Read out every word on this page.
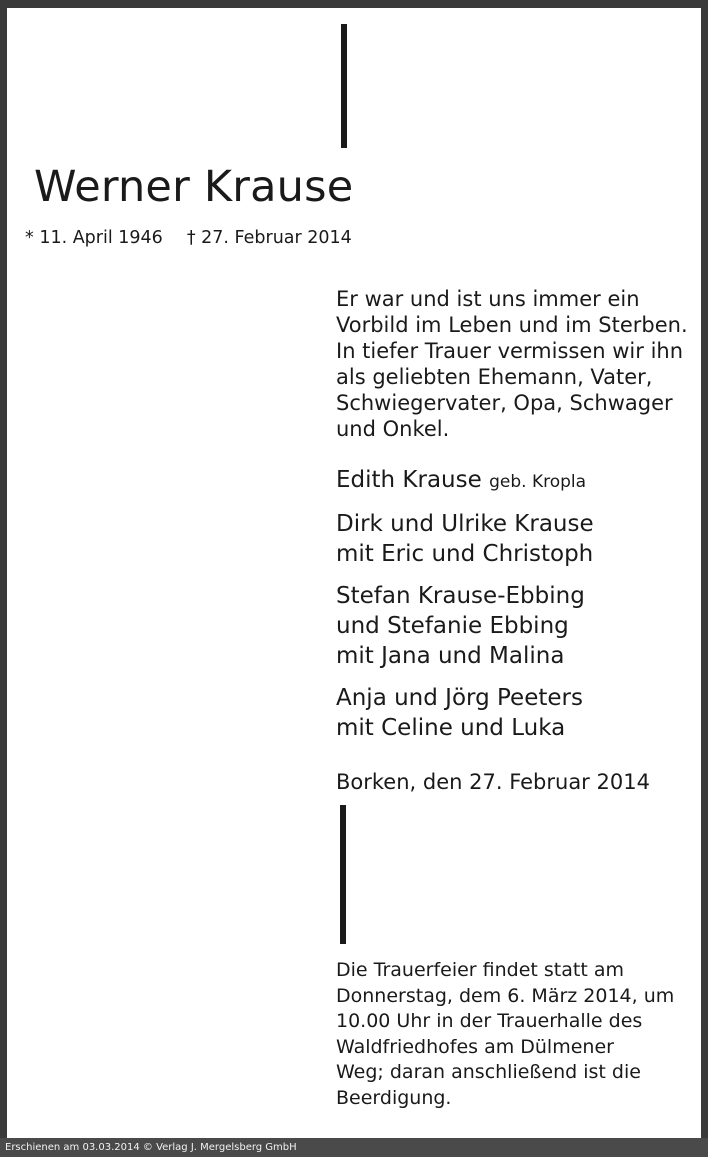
Werner Krause
* 11. April 1946 † 27. Februar 2014
Er war und ist uns immer ein
Vorbild im Leben und im Sterben.
In tiefer Trauer vermissen wir ihn
als geliebten Ehemann, Vater,
Schwiegervater, Opa, Schwager
und Onkel.
Edith Krause geb. Kropla
Dirk und Ulrike Krause
mit Eric und Christoph
Stefan Krause-Ebbing
und Stefanie Ebbing
mit Jana und Malina
Anja und Jörg Peeters
mit Celine und Luka
Borken, den 27. Februar 2014
Die Trauerfeier findet statt am
Donnerstag, dem 6. März 2014, um
10.00 Uhr in der Trauerhalle des
Waldfriedhofes am Dülmener
Weg; daran anschließend ist die
Beerdigung.
Erschienen am 03.03.2014 © Verlag J. Mergelsberg GmbH
